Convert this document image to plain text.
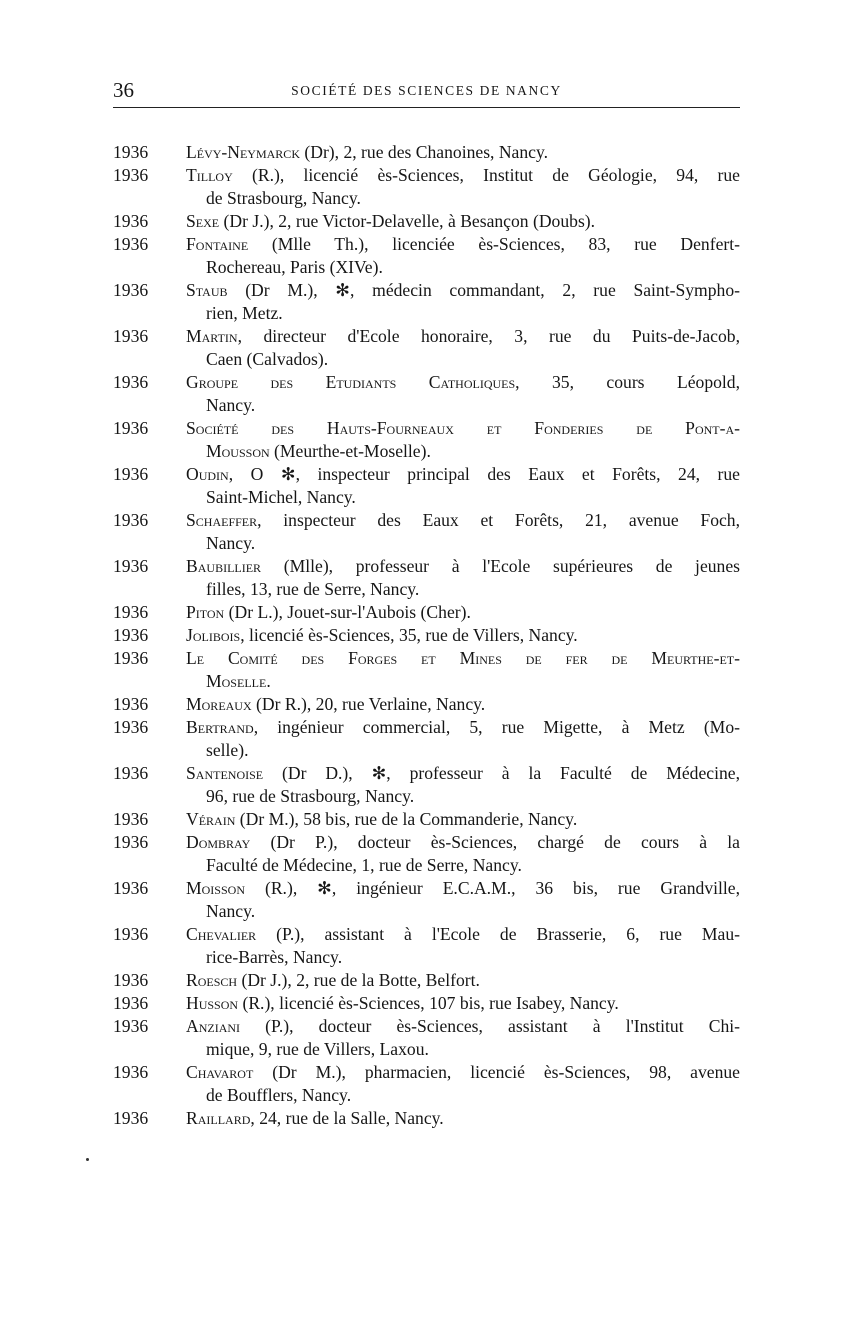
36	SOCIÉTÉ DES SCIENCES DE NANCY
1936	Lévy-Neymarck (Dr), 2, rue des Chanoines, Nancy.
1936	Tilloy (R.), licencié ès-Sciences, Institut de Géologie, 94, rue
de Strasbourg, Nancy.
1936	Sexe (Dr J.), 2, rue Victor-Delavelle, à Besançon (Doubs).
1936	Fontaine (Mlle Th.), licenciée ès-Sciences, 83, rue Denfert-
Rochereau, Paris (XIVe).
1936	Staub (Dr M.), ✻, médecin commandant, 2, rue Saint-Sympho-
rien, Metz.
1936	Martin, directeur d'Ecole honoraire, 3, rue du Puits-de-Jacob,
Caen (Calvados).
1936	Groupe des Etudiants Catholiques, 35, cours Léopold,
Nancy.
1936	Société des Hauts-Fourneaux et Fonderies de Pont-a-
Mousson (Meurthe-et-Moselle).
1936	Oudin, O ✻, inspecteur principal des Eaux et Forêts, 24, rue
Saint-Michel, Nancy.
1936	Schaeffer, inspecteur des Eaux et Forêts, 21, avenue Foch,
Nancy.
1936	Baubillier (Mlle), professeur à l'Ecole supérieures de jeunes
filles, 13, rue de Serre, Nancy.
1936	Piton (Dr L.), Jouet-sur-l'Aubois (Cher).
1936	Jolibois, licencié ès-Sciences, 35, rue de Villers, Nancy.
1936	Le Comité des Forges et Mines de fer de Meurthe-et-
Moselle.
1936	Moreaux (Dr R.), 20, rue Verlaine, Nancy.
1936	Bertrand, ingénieur commercial, 5, rue Migette, à Metz (Mo-
selle).
1936	Santenoise (Dr D.), ✻, professeur à la Faculté de Médecine,
96, rue de Strasbourg, Nancy.
1936	Vérain (Dr M.), 58 bis, rue de la Commanderie, Nancy.
1936	Dombray (Dr P.), docteur ès-Sciences, chargé de cours à la
Faculté de Médecine, 1, rue de Serre, Nancy.
1936	Moisson (R.), ✻, ingénieur E.C.A.M., 36 bis, rue Grandville,
Nancy.
1936	Chevalier (P.), assistant à l'Ecole de Brasserie, 6, rue Mau-
rice-Barrès, Nancy.
1936	Roesch (Dr J.), 2, rue de la Botte, Belfort.
1936	Husson (R.), licencié ès-Sciences, 107 bis, rue Isabey, Nancy.
1936	Anziani (P.), docteur ès-Sciences, assistant à l'Institut Chi-
mique, 9, rue de Villers, Laxou.
1936	Chavarot (Dr M.), pharmacien, licencié ès-Sciences, 98, avenue
de Boufflers, Nancy.
1936	Raillard, 24, rue de la Salle, Nancy.
